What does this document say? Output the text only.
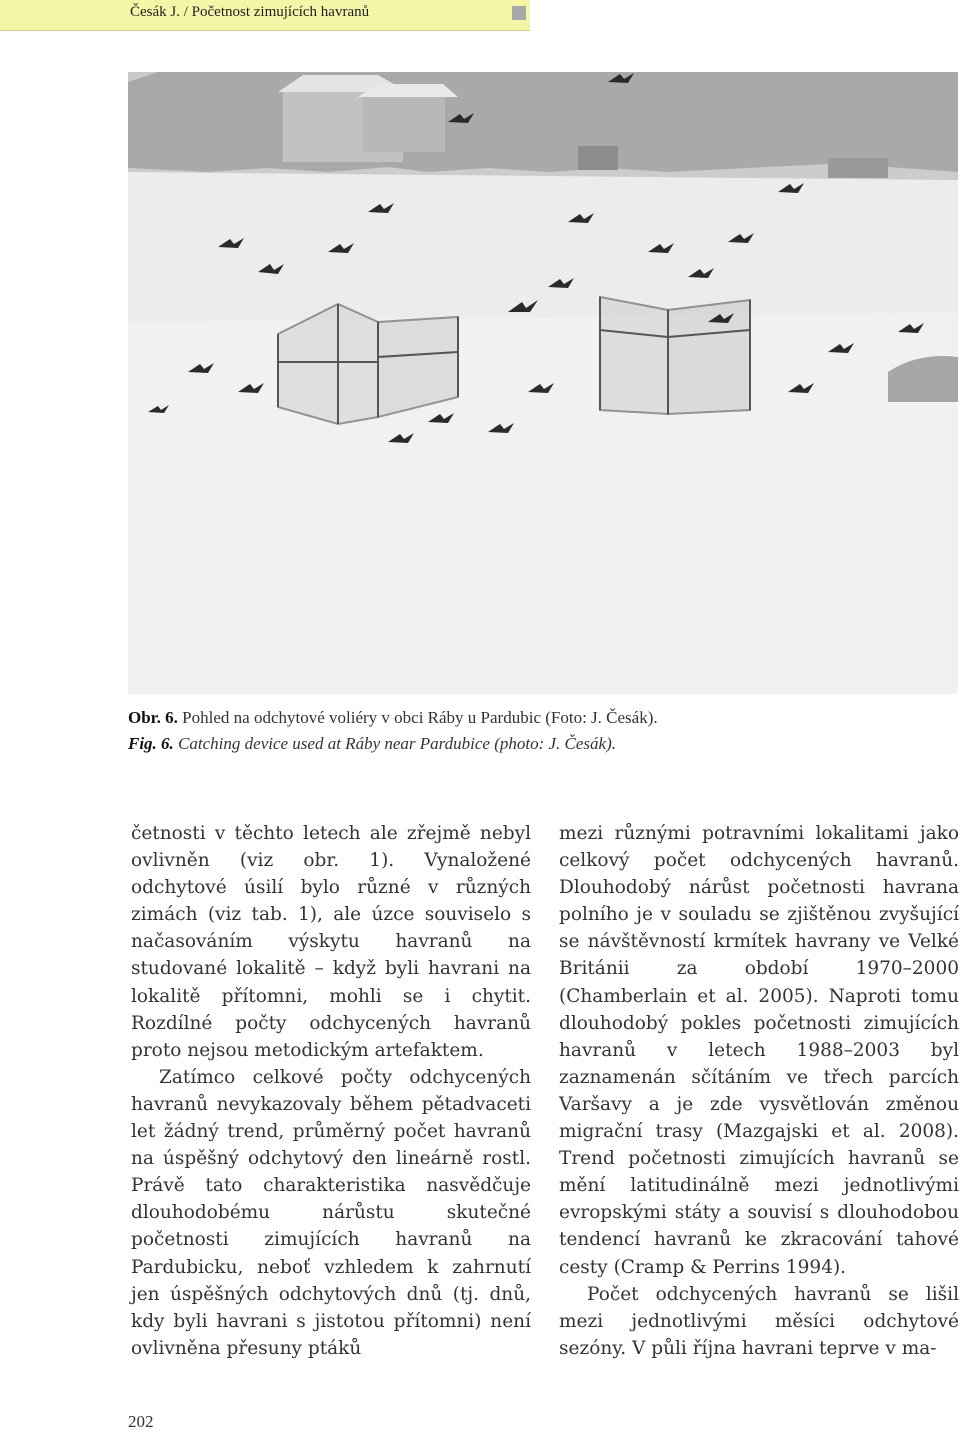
Česák J. / Početnost zimujících havranů
Obr. 6. Pohled na odchytové voliéry v obci Ráby u Pardubic (Foto: J. Česák).
Fig. 6. Catching device used at Ráby near Pardubice (photo: J. Česák).

četnosti v těchto letech ale zřejmě nebyl ovlivněn (viz obr. 1). Vynaložené odchytové úsilí bylo různé v různých zimách (viz tab. 1), ale úzce souviselo s načasováním výskytu havranů na studované lokalitě – když byli havrani na lokalitě přítomni, mohli se i chytit. Rozdílné počty odchycených havranů proto nejsou metodickým artefaktem.

Zatímco celkové počty odchycených havranů nevykazovaly během pětadvaceti let žádný trend, průměrný počet havranů na úspěšný odchytový den lineárně rostl. Právě tato charakteristika nasvědčuje dlouhodobému nárůstu skutečné početnosti zimujících havranů na Pardubicku, neboť vzhledem k zahrnutí jen úspěšných odchytových dnů (tj. dnů, kdy byli havrani s jistotou přítomni) není ovlivněna přesuny ptáků

mezi různými potravními lokalitami jako celkový počet odchycených havranů. Dlouhodobý nárůst početnosti havrana polního je v souladu se zjištěnou zvyšující se návštěvností krmítek havrany ve Velké Británii za období 1970–2000 (Chamberlain et al. 2005). Naproti tomu dlouhodobý pokles početnosti zimujících havranů v letech 1988–2003 byl zaznamenán sčítáním ve třech parcích Varšavy a je zde vysvětlován změnou migrační trasy (Mazgajski et al. 2008). Trend početnosti zimujících havranů se mění latitudinálně mezi jednotlivými evropskými státy a souvisí s dlouhodobou tendencí havranů ke zkracování tahové cesty (Cramp & Perrins 1994).

Počet odchycených havranů se lišil mezi jednotlivými měsíci odchytové sezóny. V půli října havrani teprve v ma-

202
